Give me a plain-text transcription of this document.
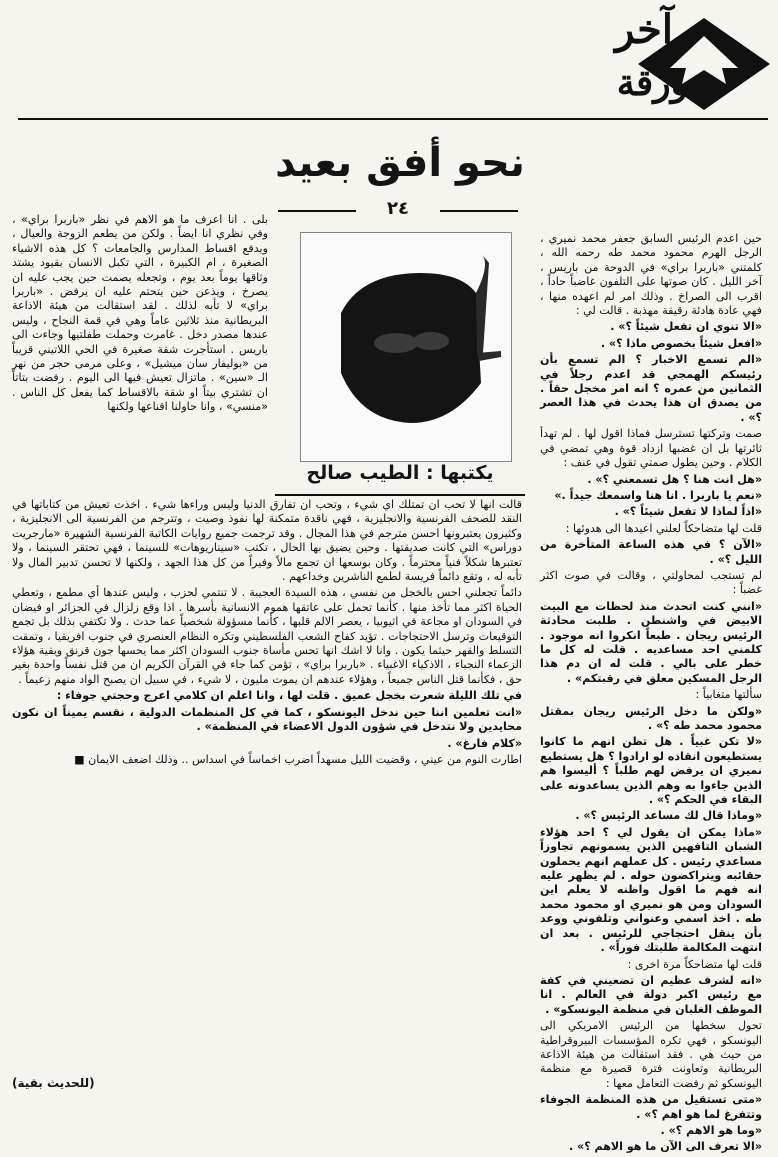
آخر
ورقة
نحو أفق بعيد
٢٤
يكتبها : الطيب صالح

حين اعدم الرئيس السابق جعفر محمد نميري ، الرجل الهرم محمود محمد طه رحمه الله ، كلمتني «باربرا براي» في الدوحة من باريس ، آخر الليل . كان صوتها على التلفون غاضباً حاداً ، اقرب الى الصراخ . وذلك امر لم اعهده منها ، فهي عادة هادئة رقيقة مهذبة . قالت لي :

«الا تنوي ان تفعل شيئاً ؟» .

«افعل شيئاً بخصوص ماذا ؟» .

«الم تسمع الاخبار ؟ الم تسمع بأن رئيسكم الهمجي قد اعدم رجلاً في الثمانين من عمره ؟ انه امر مخجل حقاً . من يصدق ان هذا يحدث في هذا العصر ؟» .

صمت وتركتها تسترسل فماذا اقول لها . لم تهدأ ثائرتها بل ان غضبها ازداد قوة وهي تمضي في الكلام . وحين يطول صمتي تقول في عنف :

«هل انت هنا ؟ هل تسمعني ؟» .

«نعم يا باربرا . انا هنا واسمعك جيداً .»

«اذاً لماذا لا تفعل شيئاً ؟» .

قلت لها متضاحكاً لعلني اعيدها الى هدوئها :

«الآن ؟ في هذه الساعة المتأخرة من الليل ؟» .

لم تستجب لمحاولتي ، وقالت في صوت اكثر غضباً :

«انني كنت اتحدث منذ لحظات مع البيت الابيض في واشنطن . طلبت محادثة الرئيس ريجان . طبعاً انكروا انه موجود . كلمني احد مساعديه . قلت له كل ما خطر على بالي . قلت له ان دم هذا الرجل المسكين معلق في رقبتكم» .

سألتها متغابياً :

«ولكن ما دخل الرئيس ريجان بمقتل محمود محمد طه ؟» .

«لا تكن غبياً . هل تظن انهم ما كانوا يستطيعون انقاذه لو ارادوا ؟ هل يستطيع نميري ان يرفض لهم طلباً ؟ أليسوا هم الذين جاءوا به وهم الذين يساعدونه على البقاء في الحكم ؟» .

«وماذا قال لك مساعد الرئيس ؟» .

«ماذا يمكن ان يقول لي ؟ احد هؤلاء الشبان التافهين الذين يسمونهم تجاوزاً مساعدي رئيس . كل عملهم انهم يحملون حقائبه ويتراكضون حوله . لم يظهر عليه انه فهم ما اقول واظنه لا يعلم اين السودان ومن هو نميري او محمود محمد طه . اخذ اسمي وعنواني وتلفوني ووعد بأن ينقل احتجاجي للرئيس . بعد ان انتهت المكالمة طلبتك فوراً» .

قلت لها متضاحكاً مرة اخرى :

«انه لشرف عظيم ان تضعيني في كفة مع رئيس اكبر دولة في العالم . انا الموظف الغلبان في منظمة اليونسكو» .

تحول سخطها من الرئيس الامريكي الى اليونسكو ، فهي تكره المؤسسات البيروقراطية من حيث هي . فقد استقالت من هيئة الاذاعة البريطانية وتعاونت فترة قصيرة مع منظمة اليونسكو ثم رفضت التعامل معها :

«متى تستقيل من هذه المنظمة الجوفاء وتتفرغ لما هو اهم ؟» .

«وما هو الاهم ؟» .

«الا تعرف الى الآن ما هو الاهم ؟» .

بلى . انا اعرف ما هو الاهم في نظر «باربرا براي» ، وفي نظري انا ايضاً . ولكن من يطعم الزوجة والعيال ، ويدفع اقساط المدارس والجامعات ؟ كل هذه الاشياء الصغيرة ، ام الكبيرة ، التي تكبل الانسان بقيود يشتد وثاقها يوماً بعد يوم ، وتجعله يصمت حين يجب عليه ان يصرخ ، ويذعن حين يتحتم عليه ان يرفض . «باربرا براي» لا تأبه لذلك . لقد استقالت من هيئة الاذاعة البريطانية منذ ثلاثين عاماً وهي في قمة النجاح ، وليس عندها مصدر دخل . غامرت وحملت طفلتيها وجاءت الى باريس . استأجرت شقة صغيرة في الحي اللاتيني قريباً من «بوليفار سان ميشيل» ، وعلى مرمى حجر من نهر الـ «سين» . ماتزال تعيش فيها الى اليوم . رفضت بتاتاً ان تشتري بيتاً او شقة بالاقساط كما يفعل كل الناس . «منسي» ، وانا حاولنا اقناعها ولكنها

قالت انها لا تحب ان تمتلك اي شيء ، وتحب ان تفارق الدنيا وليس وراءها شيء . اخذت تعيش من كتاباتها في النقد للصحف الفرنسية والانجليزية ، فهي ناقدة متمكنة لها نفوذ وصيت ، وتترجم من الفرنسية الى الانجليزية ، وكثيرون يعتبرونها احسن مترجم في هذا المجال . وقد ترجمت جميع روايات الكاتبة الفرنسية الشهيرة «مارجريت دوراس» التي كانت صديقتها . وحين يضيق بها الحال ، تكتب «سيناريوهات» للسينما ، فهي تحتقر السينما ، ولا تعتبرها شكلاً فنياً محترماً . وكان بوسعها ان تجمع مالاً وفيراً من كل هذا الجهد ، ولكنها لا تحسن تدبير المال ولا تأبه له ، وتقع دائماً فريسة لطمع الناشرين وخداعهم .

دائماً تجعلني احس بالخجل من نفسي ، هذه السيدة العجيبة . لا تنتمي لحزب ، وليس عندها أي مطمع ، وتعطي الحياة اكثر مما تأخذ منها . كأنما تحمل على عاتقها هموم الانسانية بأسرها . اذا وقع زلزال في الجزائر او فيضان في السودان او مجاعة في اثيوبيا ، يعصر الالم قلبها ، كأنما مسؤولة شخصياً عما حدث . ولا تكتفي بذلك بل تجمع التوقيعات وترسل الاحتجاجات . تؤيد كفاح الشعب الفلسطيني وتكره النظام العنصري في جنوب افريقيا ، وتمقت التسلط والقهر حيثما يكون . وانا لا اشك انها تحس مأساة جنوب السودان اكثر مما يحسها جون قرنق وبقية هؤلاء الزعماء النجباء ، الاذكياء الاغبياء . «باربرا براي» ، تؤمن كما جاء في القرآن الكريم ان من قتل نفساً واحدة بغير حق ، فكأنما قتل الناس جميعاً ، وهؤلاء عندهم ان يموت مليون ، لا شيء ، في سبيل ان يصبح الواد منهم زعيماً .

في تلك الليلة شعرت بخجل عميق . قلت لها ، وانا اعلم ان كلامي اعرج وحجتي جوفاء :

«انت تعلمين اننا حين ندخل اليونسكو ، كما في كل المنظمات الدولية ، نقسم يميناً ان نكون محايدين ولا نتدخل في شؤون الدول الاعضاء في المنظمة» .

«كلام فارغ» .

اطارت النوم من عيني ، وقضيت الليل مسهداً اضرب اخماساً في اسداس .. وذلك اضعف الايمان ■

(للحديث بقية)
